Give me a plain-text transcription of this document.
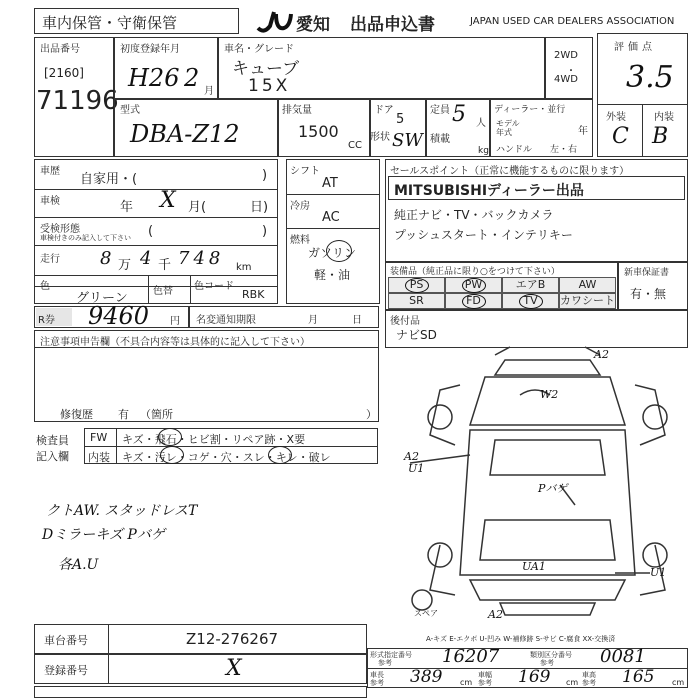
車内保管・守衛保管	愛知 出品申込書	JAPAN USED CAR DEALERS ASSOCIATION
出品番号
[2160]
71196
初度登録年月
H26 2 月
車名・グレード
キューブ
15X
2WD
・
4WD
評価点
3.5
外装	内装
C B
型式
DBA-Z12
排気量
1500
CC
ドア
5
形状 SW
定員 5 人
積載
kg
ディーラー・並行
モデル
年式	年
ハンドル 左・右
車歴
自家用・(	)
車検	年 X 月(	日)
受検形態
車検付きのみ記入して下さい (	)
走行 8 万 4 千 748 km
色
グリーン	色替 色コード
RBK
シフト
AT
冷房
AC
燃料
ガソリン
軽・油
セールスポイント（正常に機能するものに限ります）
MITSUBISHIディーラー出品
純正ナビ・TV・バックカメラ
プッシュスタート・インテリキー
装備品（純正品に限り○をつけて下さい）
PS	PW	エアB	AW
SR	FD	TV	カワシート
新車保証書
有・無
後付品
ナビSD
R券	9460 円 名変通知期限	月	日
注意事項申告欄（不具合内容等は具体的に記入して下さい）
修復歴 有 （箇所	）
検査員
記入欄
FW キズ・飛石・ヒビ割・リペア跡・X要
内装 キズ・汚レ・コゲ・穴・スレ・キレ・破レ
クトAW. スタッドレスT
Dミラーキズ Pバゲ
各A.U
A2
W2
A2
U1
Pバゲ
UA1	U1
A2
スペア
A-キズ E-エクボ U-凹み W-補修跡 S-サビ C-腐食 XX-交換済
車台番号	Z12-276267
登録番号	X
形式指定番号
参考	16207	類別区分番号
参考	0081
車長
参考 389 cm
車幅
参考 169 cm
車高
参考 165 cm
